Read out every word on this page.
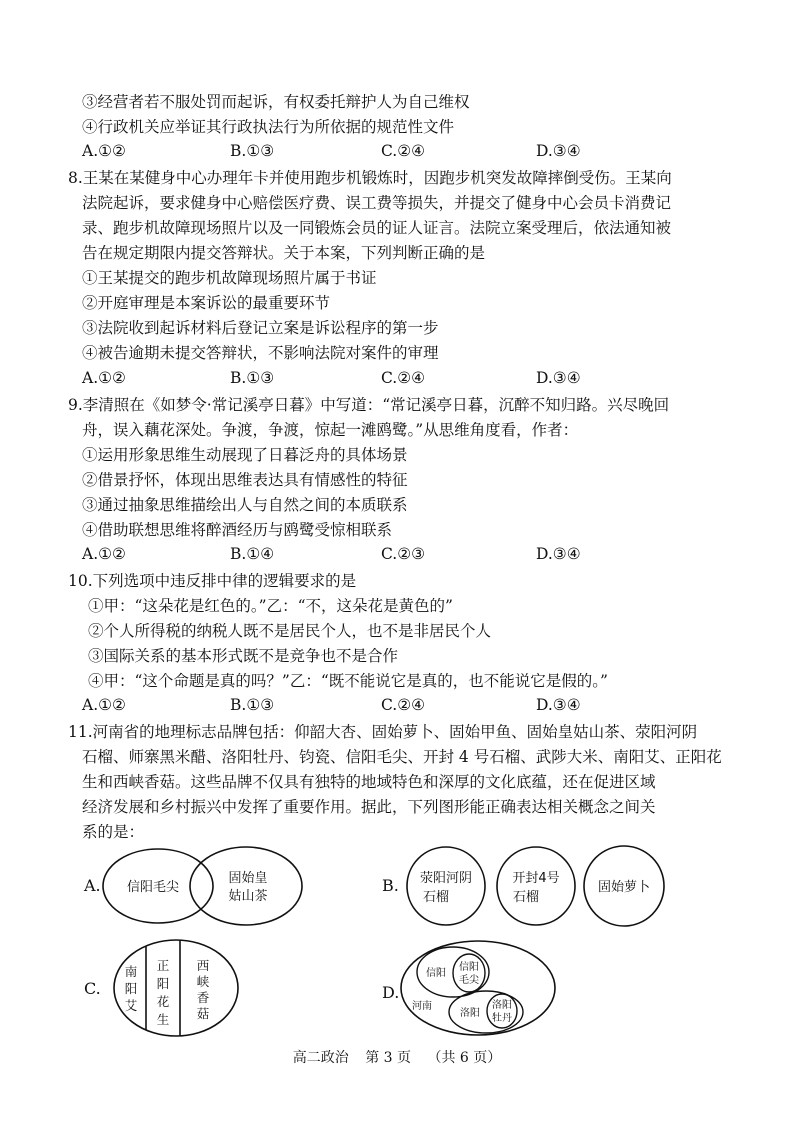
③经营者若不服处罚而起诉，有权委托辩护人为自己维权
④行政机关应举证其行政执法行为所依据的规范性文件
A.①②	B.①③	C.②④	D.③④
8.王某在某健身中心办理年卡并使用跑步机锻炼时，因跑步机突发故障摔倒受伤。王某向
法院起诉，要求健身中心赔偿医疗费、误工费等损失，并提交了健身中心会员卡消费记
录、跑步机故障现场照片以及一同锻炼会员的证人证言。法院立案受理后，依法通知被
告在规定期限内提交答辩状。关于本案，下列判断正确的是
①王某提交的跑步机故障现场照片属于书证
②开庭审理是本案诉讼的最重要环节
③法院收到起诉材料后登记立案是诉讼程序的第一步
④被告逾期未提交答辩状，不影响法院对案件的审理
A.①②	B.①③	C.②④	D.③④
9.李清照在《如梦令·常记溪亭日暮》中写道：“常记溪亭日暮，沉醉不知归路。兴尽晚回
舟，误入藕花深处。争渡，争渡，惊起一滩鸥鹭。”从思维角度看，作者：
①运用形象思维生动展现了日暮泛舟的具体场景
②借景抒怀，体现出思维表达具有情感性的特征
③通过抽象思维描绘出人与自然之间的本质联系
④借助联想思维将醉酒经历与鸥鹭受惊相联系
A.①②	B.①④	C.②③	D.③④
10.下列选项中违反排中律的逻辑要求的是
①甲：“这朵花是红色的。”乙：“不，这朵花是黄色的”
②个人所得税的纳税人既不是居民个人，也不是非居民个人
③国际关系的基本形式既不是竞争也不是合作
④甲：“这个命题是真的吗？”乙：“既不能说它是真的，也不能说它是假的。”
A.①②	B.①③	C.②④	D.③④
11.河南省的地理标志品牌包括：仰韶大杏、固始萝卜、固始甲鱼、固始皇姑山茶、荥阳河阴
石榴、师寨黑米醋、洛阳牡丹、钧瓷、信阳毛尖、开封 4 号石榴、武陟大米、南阳艾、正阳花
生和西峡香菇。这些品牌不仅具有独特的地域特色和深厚的文化底蕴，还在促进区域
经济发展和乡村振兴中发挥了重要作用。据此，下列图形能正确表达相关概念之间关
系的是：
A. 信阳毛尖
固始皇
姑山茶
B. 荥阳河阴
石榴
开封4号
石榴
固始萝卜
C.
南
阳
艾
正
阳
花
生
西
峡
香
菇
D.
河南
信阳
信阳
毛尖
洛阳
洛阳
牡丹
高二政治 第 3 页 （共 6 页）
